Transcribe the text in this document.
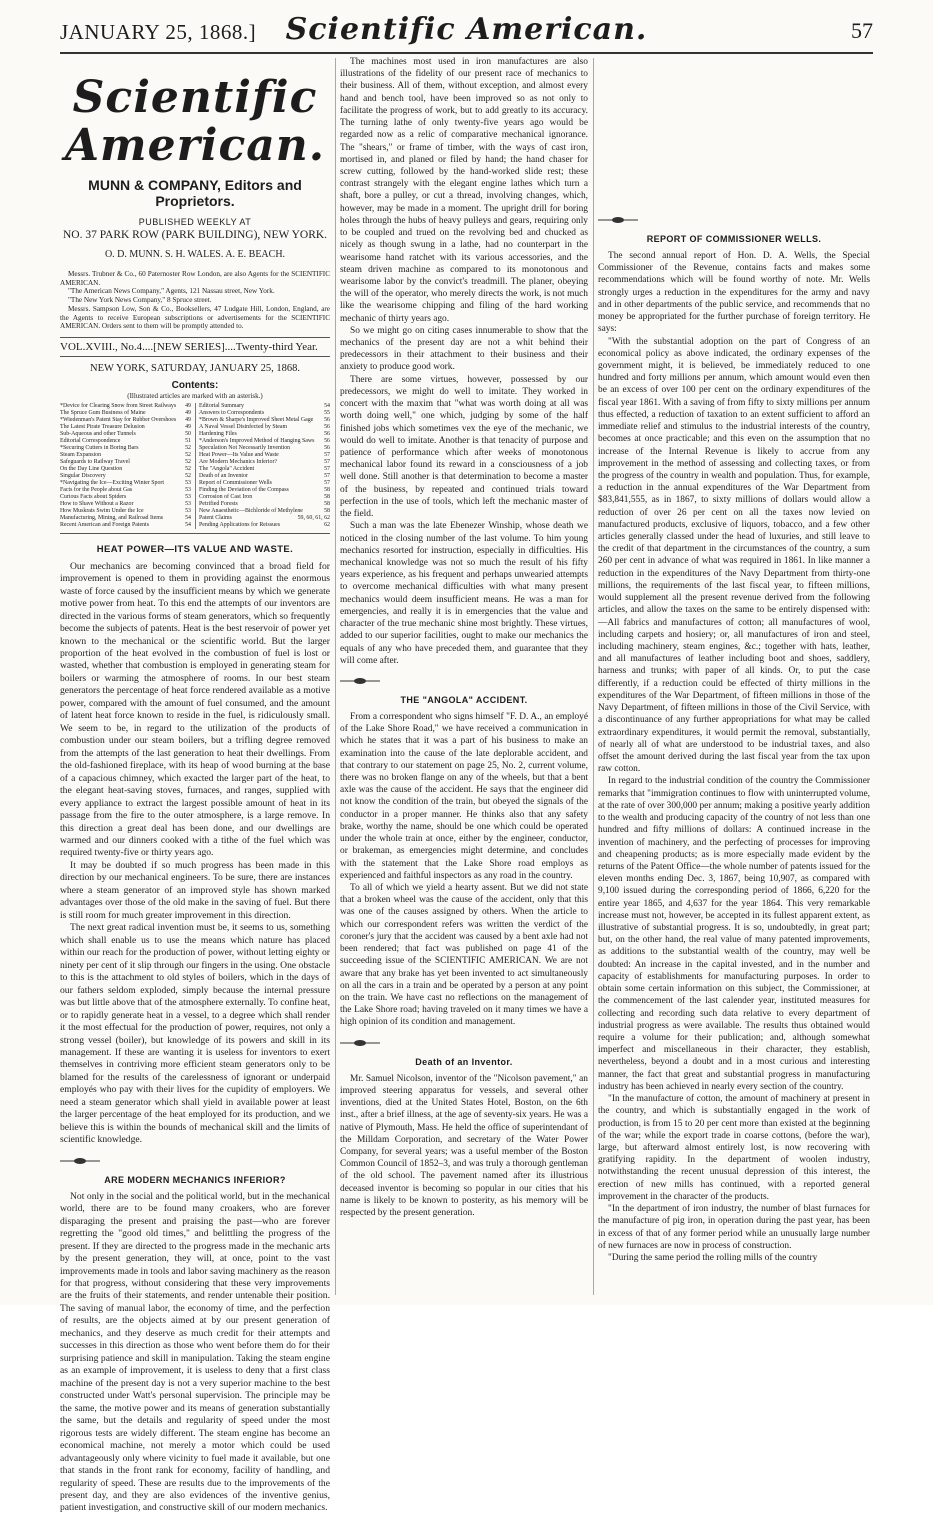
JANUARY 25, 1868.] Scientific American.	57
Scientific American.
MUNN & COMPANY, Editors and Proprietors.
PUBLISHED WEEKLY AT
NO. 37 PARK ROW (PARK BUILDING), NEW YORK.
O. D. MUNN. S. H. WALES. A. E. BEACH.

Messrs. Trubner & Co., 60 Paternoster Row London, are also Agents for the SCIENTIFIC AMERICAN.

"The American News Company," Agents, 121 Nassau street, New York.

"The New York News Company," 8 Spruce street.

Messrs. Sampson Low, Son & Co., Booksellers, 47 Ludgate Hill, London, England, are the Agents to receive European subscriptions or advertisements for the SCIENTIFIC AMERICAN. Orders sent to them will be promptly attended to.

VOL.XVIII., No.4....[NEW SERIES]....Twenty-third Year.
NEW YORK, SATURDAY, JANUARY 25, 1868.
Contents:
(Illustrated articles are marked with an asterisk.)
*Device for Clearing Snow from Street Railways 49
The Spruce Gum Business of Maine	49
*Wiedenman's Patent Stay for Rubber Overshoes 49
The Latest Pirate Treasure Delusion	49
Sub-Aqueous and other Tunnels	50
Editorial Correspondence	51
*Securing Cutters in Boring Bars	52
Steam Expansion	52
Safeguards to Railway Travel	52
On the Day Line Question	52
Singular Discovery	52
*Navigating the Ice—Exciting Winter Sport	53
Facts for the People about Gas	53
Curious Facts about Spiders	53
How to Shave Without a Razor	53
How Muskrats Swim Under the Ice	53
Manufacturing, Mining, and Railroad Items	54
Recent American and Foreign Patents	54
Editorial Summary	54
Answers to Correspondents	55
*Brown & Sharpe's Improved Sheet Metal Gage 56
A Naval Vessel Disinfected by Steam	56
Hardening Files	56
*Anderson's Improved Method of Hanging Saws 56
Speculation Not Necessarily Invention	56
Heat Power—Its Value and Waste	57
Are Modern Mechanics Inferior?	57
The "Angola" Accident	57
Death of an Inventor	57
Report of Commissioner Wells	57
Finding the Deviation of the Compass	58
Corrosion of Cast Iron	58
Petrified Forests	58
New Anaesthetic—Bichloride of Methylene	58
Patent Claims	59, 60, 61, 62
Pending Applications for Reissues	62
HEAT POWER—ITS VALUE AND WASTE.

Our mechanics are becoming convinced that a broad field for improvement is opened to them in providing against the enormous waste of force caused by the insufficient means by which we generate motive power from heat. To this end the attempts of our inventors are directed in the various forms of steam generators, which so frequently become the subjects of patents. Heat is the best reservoir of power yet known to the mechanical or the scientific world. But the larger proportion of the heat evolved in the combustion of fuel is lost or wasted, whether that combustion is employed in generating steam for boilers or warming the atmosphere of rooms. In our best steam generators the percentage of heat force rendered available as a motive power, compared with the amount of fuel consumed, and the amount of latent heat force known to reside in the fuel, is ridiculously small. We seem to be, in regard to the utilization of the products of combustion under our steam boilers, but a trifling degree removed from the attempts of the last generation to heat their dwellings. From the old-fashioned fireplace, with its heap of wood burning at the base of a capacious chimney, which exacted the larger part of the heat, to the elegant heat-saving stoves, furnaces, and ranges, supplied with every appliance to extract the largest possible amount of heat in its passage from the fire to the outer atmosphere, is a large remove. In this direction a great deal has been done, and our dwellings are warmed and our dinners cooked with a tithe of the fuel which was required twenty-five or thirty years ago.

It may be doubted if so much progress has been made in this direction by our mechanical engineers. To be sure, there are instances where a steam generator of an improved style has shown marked advantages over those of the old make in the saving of fuel. But there is still room for much greater improvement in this direction.

The next great radical invention must be, it seems to us, something which shall enable us to use the means which nature has placed within our reach for the production of power, without letting eighty or ninety per cent of it slip through our fingers in the using. One obstacle to this is the attachment to old styles of boilers, which in the days of our fathers seldom exploded, simply because the internal pressure was but little above that of the atmosphere externally. To confine heat, or to rapidly generate heat in a vessel, to a degree which shall render it the most effectual for the production of power, requires, not only a strong vessel (boiler), but knowledge of its powers and skill in its management. If these are wanting it is useless for inventors to exert themselves in contriving more efficient steam generators only to be blamed for the results of the carelessness of ignorant or underpaid employés who pay with their lives for the cupidity of employers. We need a steam generator which shall yield in available power at least the larger percentage of the heat employed for its production, and we believe this is within the bounds of mechanical skill and the limits of scientific knowledge.

ARE MODERN MECHANICS INFERIOR?

Not only in the social and the political world, but in the mechanical world, there are to be found many croakers, who are forever disparaging the present and praising the past—who are forever regretting the "good old times," and belittling the progress of the present. If they are directed to the progress made in the mechanic arts by the present generation, they will, at once, point to the vast improvements made in tools and labor saving machinery as the reason for that progress, without considering that these very improvements are the fruits of their statements, and render untenable their position. The saving of manual labor, the economy of time, and the perfection of results, are the objects aimed at by our present generation of mechanics, and they deserve as much credit for their attempts and successes in this direction as those who went before them do for their surprising patience and skill in manipulation. Taking the steam engine as an example of improvement, it is useless to deny that a first class machine of the present day is not a very superior machine to the best constructed under Watt's personal supervision. The principle may be the same, the motive power and its means of generation substantially the same, but the details and regularity of speed under the most rigorous tests are widely different. The steam engine has become an economical machine, not merely a motor which could be used advantageously only where vicinity to fuel made it available, but one that stands in the front rank for economy, facility of handling, and regularity of speed. These are results due to the improvements of the present day, and they are also evidences of the inventive genius, patient investigation, and constructive skill of our modern mechanics.

The machines most used in iron manufactures are also illustrations of the fidelity of our present race of mechanics to their business. All of them, without exception, and almost every hand and bench tool, have been improved so as not only to facilitate the progress of work, but to add greatly to its accuracy. The turning lathe of only twenty-five years ago would be regarded now as a relic of comparative mechanical ignorance. The "shears," or frame of timber, with the ways of cast iron, mortised in, and planed or filed by hand; the hand chaser for screw cutting, followed by the hand-worked slide rest; these contrast strangely with the elegant engine lathes which turn a shaft, bore a pulley, or cut a thread, involving changes, which, however, may be made in a moment. The upright drill for boring holes through the hubs of heavy pulleys and gears, requiring only to be coupled and trued on the revolving bed and chucked as nicely as though swung in a lathe, had no counterpart in the wearisome hand ratchet with its various accessories, and the steam driven machine as compared to its monotonous and wearisome labor by the convict's treadmill. The planer, obeying the will of the operator, who merely directs the work, is not much like the wearisome chipping and filing of the hard working mechanic of thirty years ago.

So we might go on citing cases innumerable to show that the mechanics of the present day are not a whit behind their predecessors in their attachment to their business and their anxiety to produce good work.

There are some virtues, however, possessed by our predecessors, we might do well to imitate. They worked in concert with the maxim that "what was worth doing at all was worth doing well," one which, judging by some of the half finished jobs which sometimes vex the eye of the mechanic, we would do well to imitate. Another is that tenacity of purpose and patience of performance which after weeks of monotonous mechanical labor found its reward in a consciousness of a job well done. Still another is that determination to become a master of the business, by repeated and continued trials toward perfection in the use of tools, which left the mechanic master of the field.

Such a man was the late Ebenezer Winship, whose death we noticed in the closing number of the last volume. To him young mechanics resorted for instruction, especially in difficulties. His mechanical knowledge was not so much the result of his fifty years experience, as his frequent and perhaps unwearied attempts to overcome mechanical difficulties with what many present mechanics would deem insufficient means. He was a man for emergencies, and really it is in emergencies that the value and character of the true mechanic shine most brightly. These virtues, added to our superior facilities, ought to make our mechanics the equals of any who have preceded them, and guarantee that they will come after.

THE "ANGOLA" ACCIDENT.

From a correspondent who signs himself "F. D. A., an employé of the Lake Shore Road," we have received a communication in which he states that it was a part of his business to make an examination into the cause of the late deplorable accident, and that contrary to our statement on page 25, No. 2, current volume, there was no broken flange on any of the wheels, but that a bent axle was the cause of the accident. He says that the engineer did not know the condition of the train, but obeyed the signals of the conductor in a proper manner. He thinks also that any safety brake, worthy the name, should be one which could be operated under the whole train at once, either by the engineer, conductor, or brakeman, as emergencies might determine, and concludes with the statement that the Lake Shore road employs as experienced and faithful inspectors as any road in the country.

To all of which we yield a hearty assent. But we did not state that a broken wheel was the cause of the accident, only that this was one of the causes assigned by others. When the article to which our correspondent refers was written the verdict of the coroner's jury that the accident was caused by a bent axle had not been rendered; that fact was published on page 41 of the succeeding issue of the SCIENTIFIC AMERICAN. We are not aware that any brake has yet been invented to act simultaneously on all the cars in a train and be operated by a person at any point on the train. We have cast no reflections on the management of the Lake Shore road; having traveled on it many times we have a high opinion of its condition and management.

Death of an Inventor.

Mr. Samuel Nicolson, inventor of the "Nicolson pavement," an improved steering apparatus for vessels, and several other inventions, died at the United States Hotel, Boston, on the 6th inst., after a brief illness, at the age of seventy-six years. He was a native of Plymouth, Mass. He held the office of superintendant of the Milldam Corporation, and secretary of the Water Power Company, for several years; was a useful member of the Boston Common Council of 1852–3, and was truly a thorough gentleman of the old school. The pavement named after its illustrious deceased inventor is becoming so popular in our cities that his name is likely to be known to posterity, as his memory will be respected by the present generation.

REPORT OF COMMISSIONER WELLS.

The second annual report of Hon. D. A. Wells, the Special Commissioner of the Revenue, contains facts and makes some recommendations which will be found worthy of note. Mr. Wells strongly urges a reduction in the expenditures for the army and navy and in other departments of the public service, and recommends that no money be appropriated for the further purchase of foreign territory. He says:

"With the substantial adoption on the part of Congress of an economical policy as above indicated, the ordinary expenses of the government might, it is believed, be immediately reduced to one hundred and forty millions per annum, which amount would even then be an excess of over 100 per cent on the ordinary expenditures of the fiscal year 1861. With a saving of from fifty to sixty millions per annum thus effected, a reduction of taxation to an extent sufficient to afford an immediate relief and stimulus to the industrial interests of the country, becomes at once practicable; and this even on the assumption that no increase of the Internal Revenue is likely to accrue from any improvement in the method of assessing and collecting taxes, or from the progress of the country in wealth and population. Thus, for example, a reduction in the annual expenditures of the War Department from $83,841,555, as in 1867, to sixty millions of dollars would allow a reduction of over 26 per cent on all the taxes now levied on manufactured products, exclusive of liquors, tobacco, and a few other articles generally classed under the head of luxuries, and still leave to the credit of that department in the circumstances of the country, a sum 260 per cent in advance of what was required in 1861. In like manner a reduction in the expenditures of the Navy Department from thirty-one millions, the requirements of the last fiscal year, to fifteen millions, would supplement all the present revenue derived from the following articles, and allow the taxes on the same to be entirely dispensed with:—All fabrics and manufactures of cotton; all manufactures of wool, including carpets and hosiery; or, all manufactures of iron and steel, including machinery, steam engines, &c.; together with hats, leather, and all manufactures of leather including boot and shoes, saddlery, harness and trunks; with paper of all kinds. Or, to put the case differently, if a reduction could be effected of thirty millions in the expenditures of the War Department, of fifteen millions in those of the Navy Department, of fifteen millions in those of the Civil Service, with a discontinuance of any further appropriations for what may be called extraordinary expenditures, it would permit the removal, substantially, of nearly all of what are understood to be industrial taxes, and also offset the amount derived during the last fiscal year from the tax upon raw cotton.

In regard to the industrial condition of the country the Commissioner remarks that "immigration continues to flow with uninterrupted volume, at the rate of over 300,000 per annum; making a positive yearly addition to the wealth and producing capacity of the country of not less than one hundred and fifty millions of dollars: A continued increase in the invention of machinery, and the perfecting of processes for improving and cheapening products; as is more especially made evident by the returns of the Patent Office—the whole number of patents issued for the eleven months ending Dec. 3, 1867, being 10,907, as compared with 9,100 issued during the corresponding period of 1866, 6,220 for the entire year 1865, and 4,637 for the year 1864. This very remarkable increase must not, however, be accepted in its fullest apparent extent, as illustrative of substantial progress. It is so, undoubtedly, in great part; but, on the other hand, the real value of many patented improvements, as additions to the substantial wealth of the country, may well be doubted: An increase in the capital invested, and in the number and capacity of establishments for manufacturing purposes. In order to obtain some certain information on this subject, the Commissioner, at the commencement of the last calender year, instituted measures for collecting and recording such data relative to every department of industrial progress as were available. The results thus obtained would require a volume for their publication; and, although somewhat imperfect and miscellaneous in their character, they establish, nevertheless, beyond a doubt and in a most curious and interesting manner, the fact that great and substantial progress in manufacturing industry has been achieved in nearly every section of the country.

"In the manufacture of cotton, the amount of machinery at present in the country, and which is substantially engaged in the work of production, is from 15 to 20 per cent more than existed at the beginning of the war; while the export trade in coarse cottons, (before the war), large, but afterward almost entirely lost, is now recovering with gratifying rapidity. In the department of woolen industry, notwithstanding the recent unusual depression of this interest, the erection of new mills has continued, with a reported general improvement in the character of the products.

"In the department of iron industry, the number of blast furnaces for the manufacture of pig iron, in operation during the past year, has been in excess of that of any former period while an unusually large number of new furnaces are now in process of construction.

"During the same period the rolling mills of the country
